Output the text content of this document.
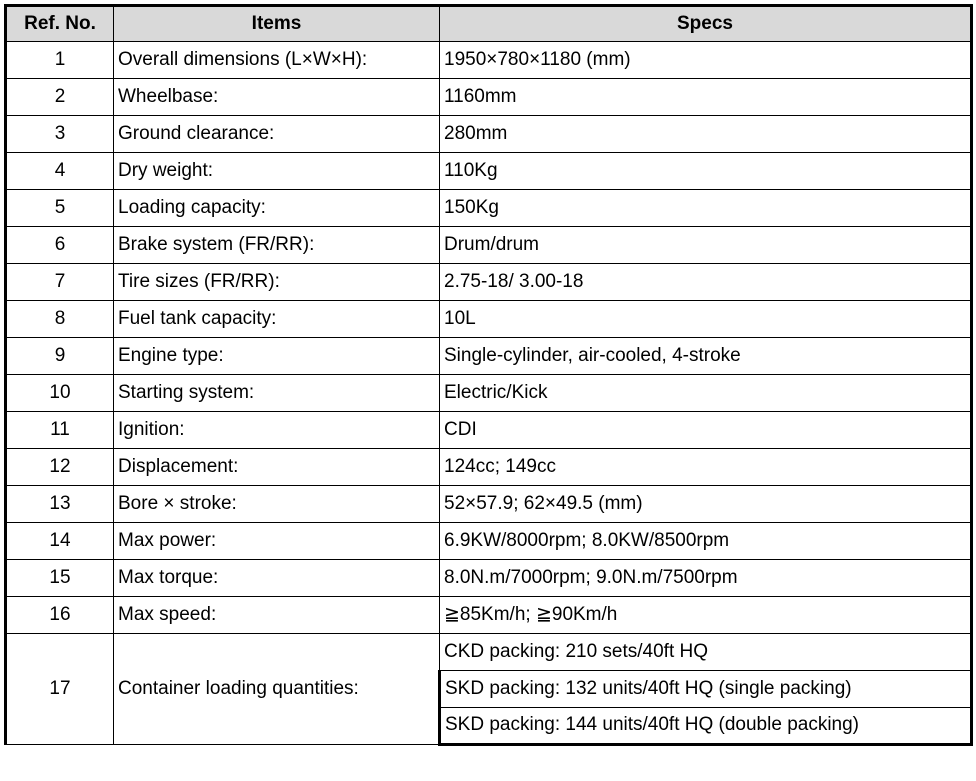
Ref. No.	Items	Specs
1	Overall dimensions (L×W×H):	1950×780×1180 (mm)
2	Wheelbase:	1160mm
3	Ground clearance:	280mm
4	Dry weight:	110Kg
5	Loading capacity:	150Kg
6	Brake system (FR/RR):	Drum/drum
7	Tire sizes (FR/RR):	2.75-18/ 3.00-18
8	Fuel tank capacity:	10L
9	Engine type:	Single-cylinder, air-cooled, 4-stroke
10	Starting system:	Electric/Kick
11	Ignition:	CDI
12	Displacement:	124cc; 149cc
13	Bore × stroke:	52×57.9; 62×49.5 (mm)
14	Max power:	6.9KW/8000rpm; 8.0KW/8500rpm
15	Max torque:	8.0N.m/7000rpm; 9.0N.m/7500rpm
16	Max speed:	≧85Km/h; ≧90Km/h
17	Container loading quantities:	CKD packing: 210 sets/40ft HQ
		SKD packing: 132 units/40ft HQ (single packing)
		SKD packing: 144 units/40ft HQ (double packing)
